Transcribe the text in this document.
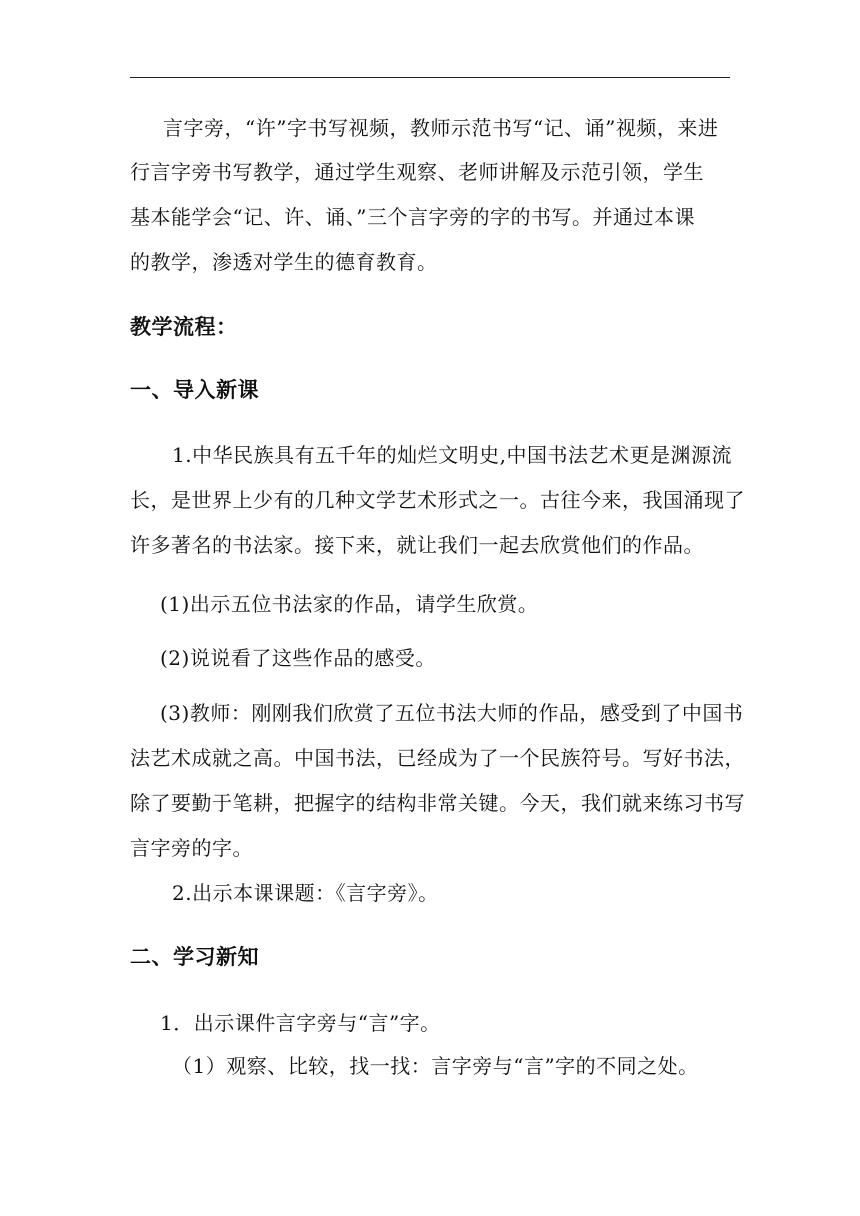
言字旁，“许”字书写视频，教师示范书写“记、诵”视频，来进
行言字旁书写教学，通过学生观察、老师讲解及示范引领，学生
基本能学会“记、许、诵、”三个言字旁的字的书写。并通过本课
的教学，渗透对学生的德育教育。
教学流程：
一、导入新课
1.中华民族具有五千年的灿烂文明史,中国书法艺术更是渊源流
长，是世界上少有的几种文学艺术形式之一。古往今来，我国涌现了
许多著名的书法家。接下来，就让我们一起去欣赏他们的作品。
(1)出示五位书法家的作品，请学生欣赏。
(2)说说看了这些作品的感受。
(3)教师：刚刚我们欣赏了五位书法大师的作品，感受到了中国书
法艺术成就之高。中国书法，已经成为了一个民族符号。写好书法，
除了要勤于笔耕，把握字的结构非常关键。今天，我们就来练习书写
言字旁的字。
2.出示本课课题：《言字旁》。
二、学习新知
1．出示课件言字旁与“言”字。
（1）观察、比较，找一找：言字旁与“言”字的不同之处。
